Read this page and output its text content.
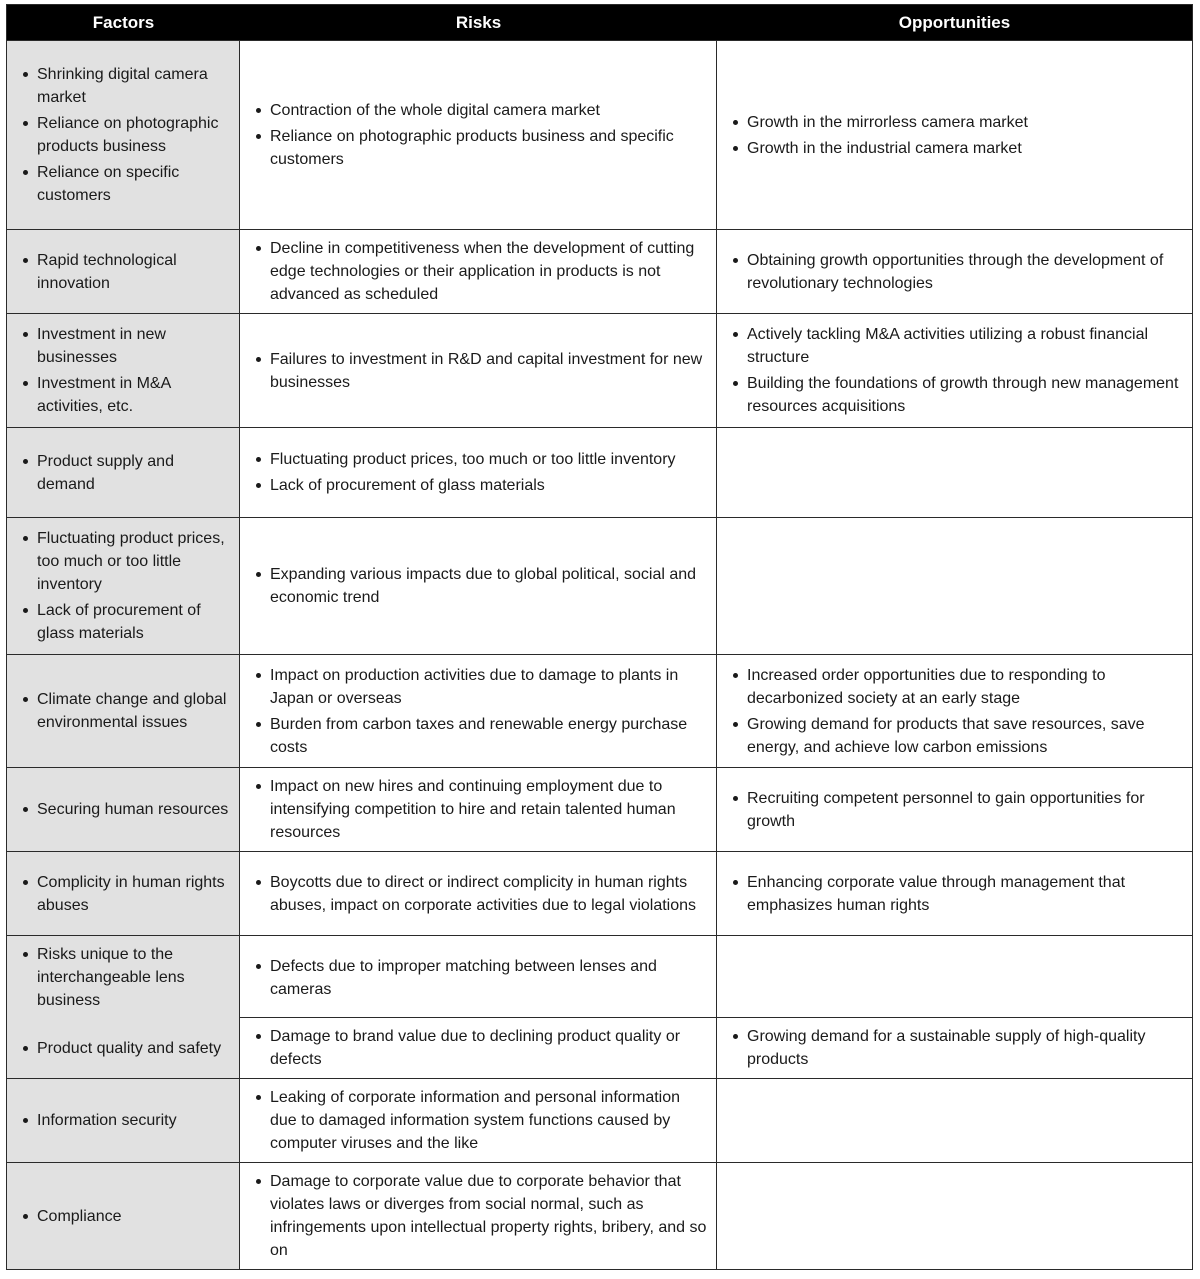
Factors	Risks	Opportunities
Shrinking digital camera market
Reliance on photographic products business
Reliance on specific customers
Contraction of the whole digital camera market
Reliance on photographic products business and specific customers
Growth in the mirrorless camera market
Growth in the industrial camera market
Rapid technological innovation
Decline in competitiveness when the development of cutting edge technologies or their application in products is not advanced as scheduled
Obtaining growth opportunities through the development of revolutionary technologies
Investment in new businesses
Investment in M&A activities, etc.
Failures to investment in R&D and capital investment for new businesses
Actively tackling M&A activities utilizing a robust financial structure
Building the foundations of growth through new management resources acquisitions
Product supply and demand
Fluctuating product prices, too much or too little inventory
Lack of procurement of glass materials
Fluctuating product prices, too much or too little inventory
Lack of procurement of glass materials
Expanding various impacts due to global political, social and economic trend
Climate change and global environmental issues
Impact on production activities due to damage to plants in Japan or overseas
Burden from carbon taxes and renewable energy purchase costs
Increased order opportunities due to responding to decarbonized society at an early stage
Growing demand for products that save resources, save energy, and achieve low carbon emissions
Securing human resources
Impact on new hires and continuing employment due to intensifying competition to hire and retain talented human resources
Recruiting competent personnel to gain opportunities for growth
Complicity in human rights abuses
Boycotts due to direct or indirect complicity in human rights abuses, impact on corporate activities due to legal violations
Enhancing corporate value through management that emphasizes human rights
Risks unique to the interchangeable lens business
Defects due to improper matching between lenses and cameras
Product quality and safety
Damage to brand value due to declining product quality or defects
Growing demand for a sustainable supply of high-quality products
Information security
Leaking of corporate information and personal information due to damaged information system functions caused by computer viruses and the like
Compliance
Damage to corporate value due to corporate behavior that violates laws or diverges from social normal, such as infringements upon intellectual property rights, bribery, and so on
